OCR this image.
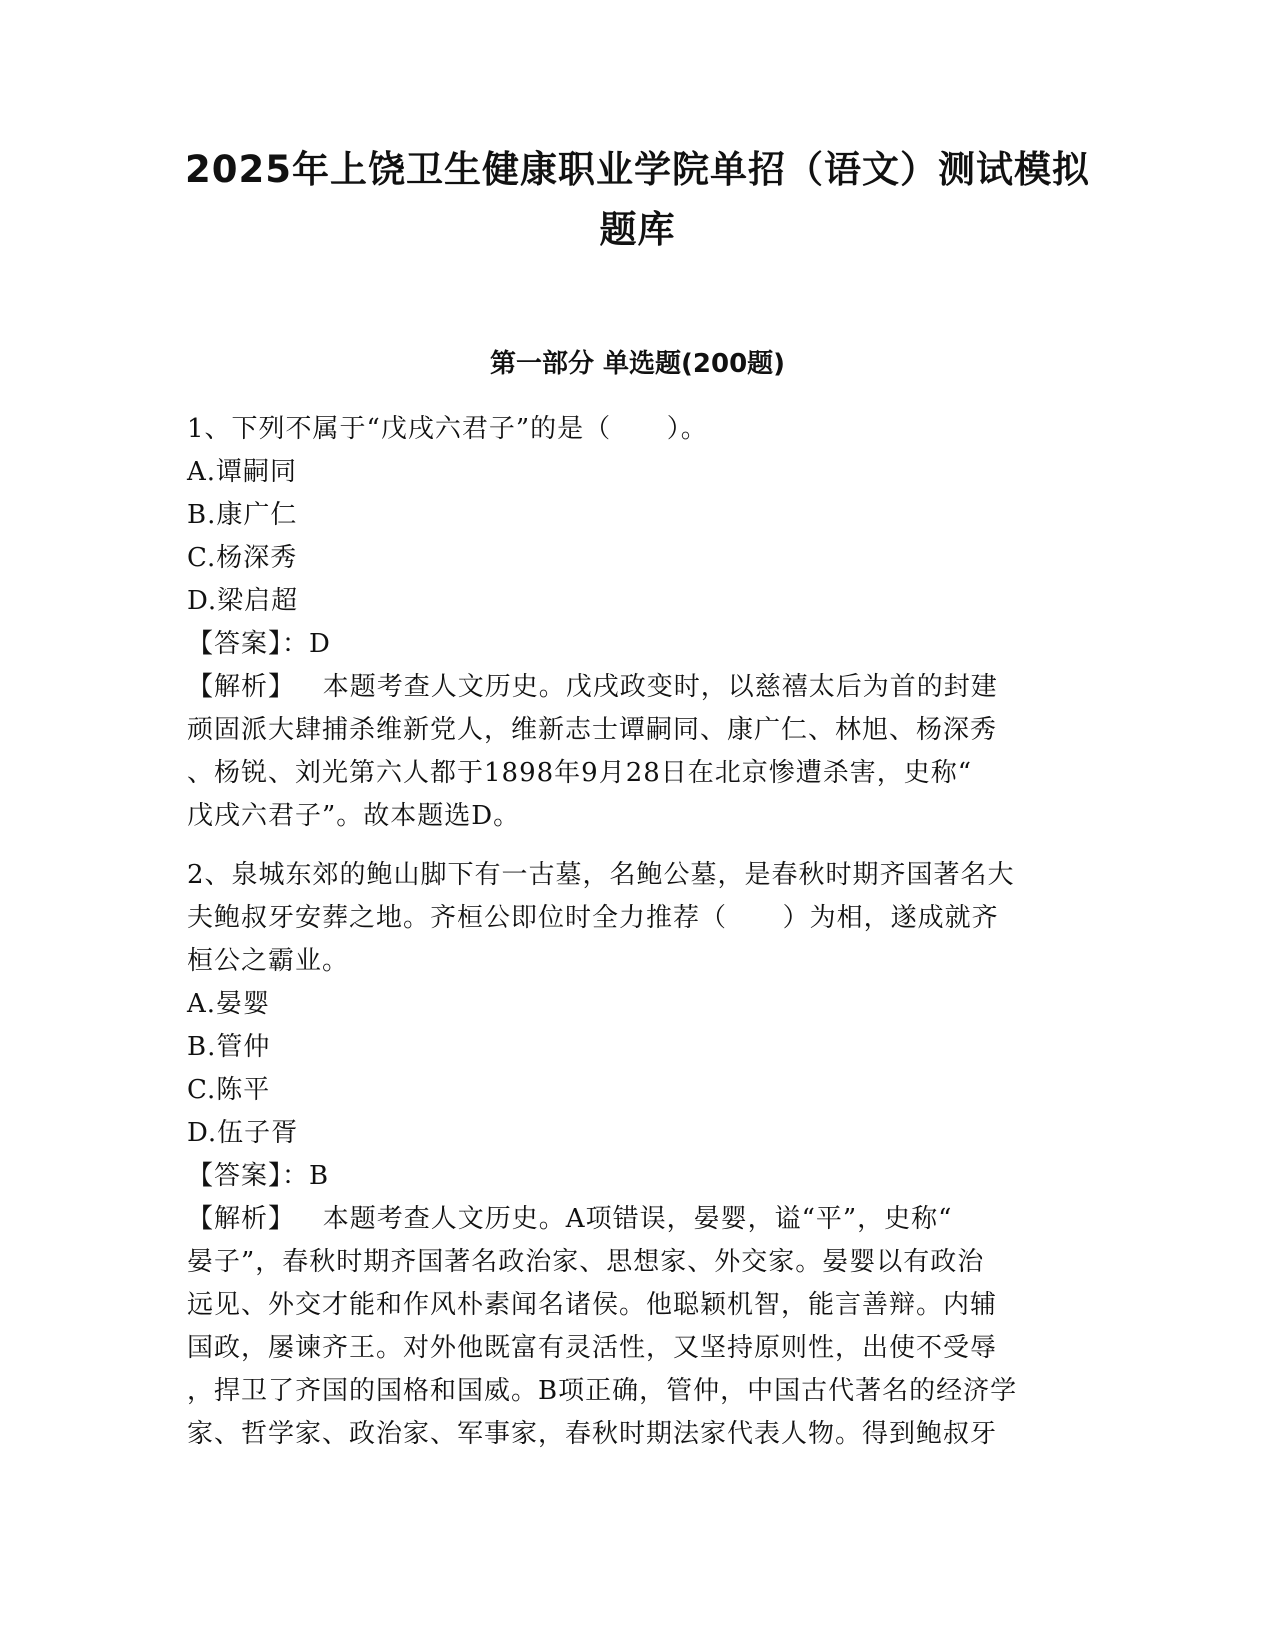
2025年上饶卫生健康职业学院单招（语文）测试模拟
题库
第一部分 单选题(200题)
1、下列不属于“戊戌六君子”的是（      ）。
A.谭嗣同
B.康广仁
C.杨深秀
D.梁启超
【答案】：D
【解析】   本题考查人文历史。戊戌政变时，以慈禧太后为首的封建
顽固派大肆捕杀维新党人，维新志士谭嗣同、康广仁、林旭、杨深秀
、杨锐、刘光第六人都于1898年9月28日在北京惨遭杀害，史称“
戊戌六君子”。故本题选D。
2、泉城东郊的鲍山脚下有一古墓，名鲍公墓，是春秋时期齐国著名大
夫鲍叔牙安葬之地。齐桓公即位时全力推荐（      ）为相，遂成就齐
桓公之霸业。
A.晏婴
B.管仲
C.陈平
D.伍子胥
【答案】：B
【解析】   本题考查人文历史。A项错误，晏婴，谥“平”，史称“
晏子”，春秋时期齐国著名政治家、思想家、外交家。晏婴以有政治
远见、外交才能和作风朴素闻名诸侯。他聪颖机智，能言善辩。内辅
国政，屡谏齐王。对外他既富有灵活性，又坚持原则性，出使不受辱
，捍卫了齐国的国格和国威。B项正确，管仲，中国古代著名的经济学
家、哲学家、政治家、军事家，春秋时期法家代表人物。得到鲍叔牙
